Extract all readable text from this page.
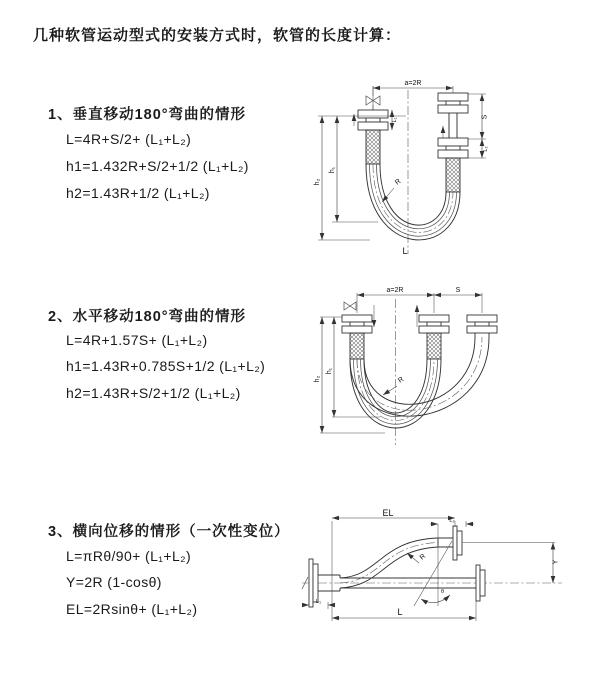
几种软管运动型式的安装方式时，软管的长度计算：
1、垂直移动180°弯曲的情形
L=4R+S/2+ (L₁+L₂)
h1=1.432R+S/2+1/2 (L₁+L₂)
h2=1.43R+1/2 (L₁+L₂)
2、水平移动180°弯曲的情形
L=4R+1.57S+ (L₁+L₂)
h1=1.43R+0.785S+1/2 (L₁+L₂)
h2=1.43R+S/2+1/2 (L₁+L₂)
3、横向位移的情形（一次性变位）
L=πRθ/90+ (L₁+L₂)
Y=2R (1-cosθ)
EL=2Rsinθ+ (L₁+L₂)
a=2R
h₂
h₁
L₁
S
L₂
R
L
a=2R	S
h₂
h₁
R
EL
L₂
Y
L
L₁
R
θ
